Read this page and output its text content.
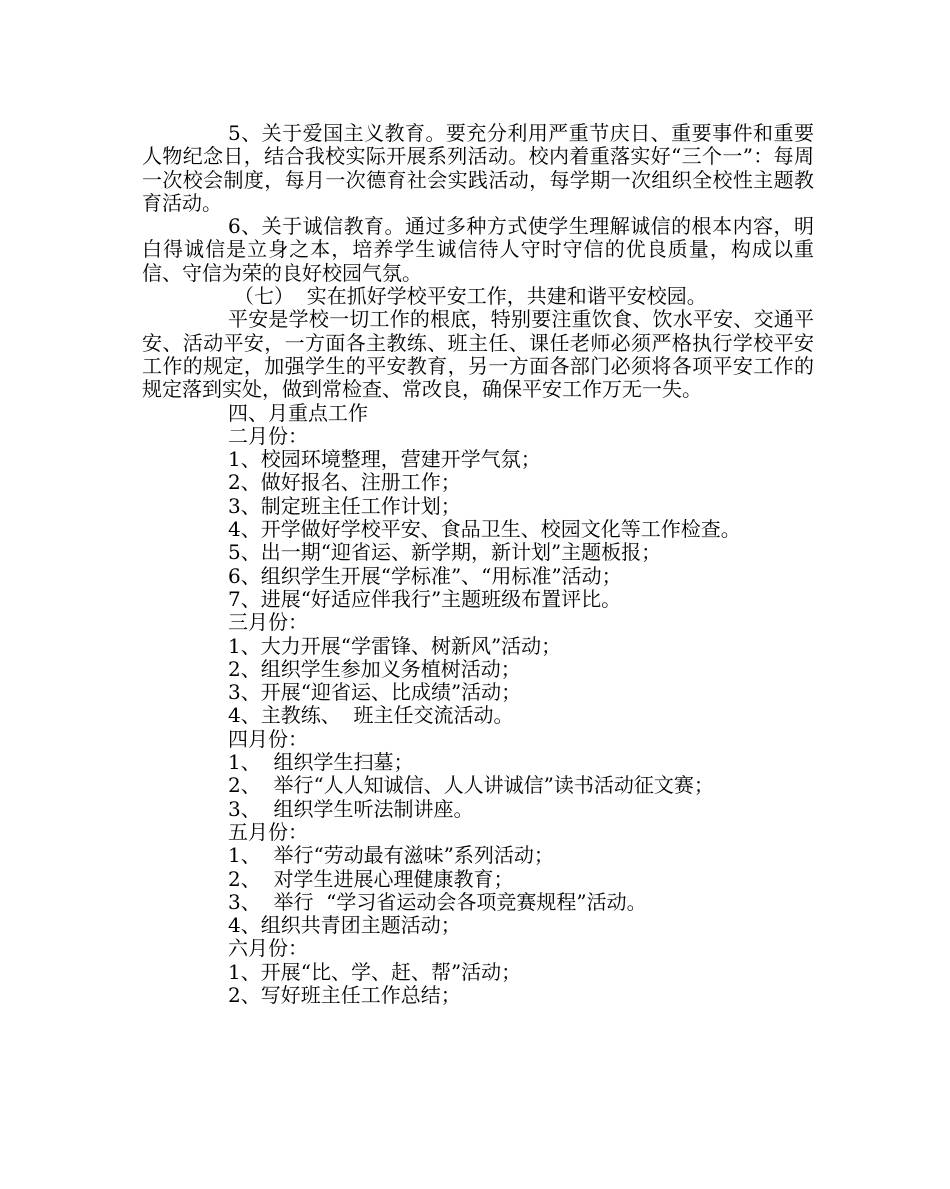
5、关于爱国主义教育。要充分利用严重节庆日、重要事件和重要人物纪念日，结合我校实际开展系列活动。校内着重落实好“三个一”：每周一次校会制度，每月一次德育社会实践活动，每学期一次组织全校性主题教育活动。

6、关于诚信教育。通过多种方式使学生理解诚信的根本内容，明白得诚信是立身之本，培养学生诚信待人守时守信的优良质量，构成以重信、守信为荣的良好校园气氛。

（七）  实在抓好学校平安工作，共建和谐平安校园。

平安是学校一切工作的根底，特别要注重饮食、饮水平安、交通平安、活动平安，一方面各主教练、班主任、课任老师必须严格执行学校平安工作的规定，加强学生的平安教育，另一方面各部门必须将各项平安工作的规定落到实处，做到常检查、常改良，确保平安工作万无一失。

四、月重点工作

二月份：

1、校园环境整理，营建开学气氛；

2、做好报名、注册工作；

3、制定班主任工作计划；

4、开学做好学校平安、食品卫生、校园文化等工作检查。

5、出一期“迎省运、新学期，新计划”主题板报；

6、组织学生开展“学标准”、“用标准”活动；

7、进展“好适应伴我行”主题班级布置评比。

三月份：

1、大力开展“学雷锋、树新风”活动；

2、组织学生参加义务植树活动；

3、开展“迎省运、比成绩”活动；

4、主教练、  班主任交流活动。

四月份：

1、  组织学生扫墓；

2、  举行“人人知诚信、人人讲诚信”读书活动征文赛；

3、  组织学生听法制讲座。

五月份：

1、  举行“劳动最有滋味”系列活动；

2、  对学生进展心理健康教育；

3、  举行  “学习省运动会各项竞赛规程”活动。

4、组织共青团主题活动；

六月份：

1、开展“比、学、赶、帮”活动；

2、写好班主任工作总结；
